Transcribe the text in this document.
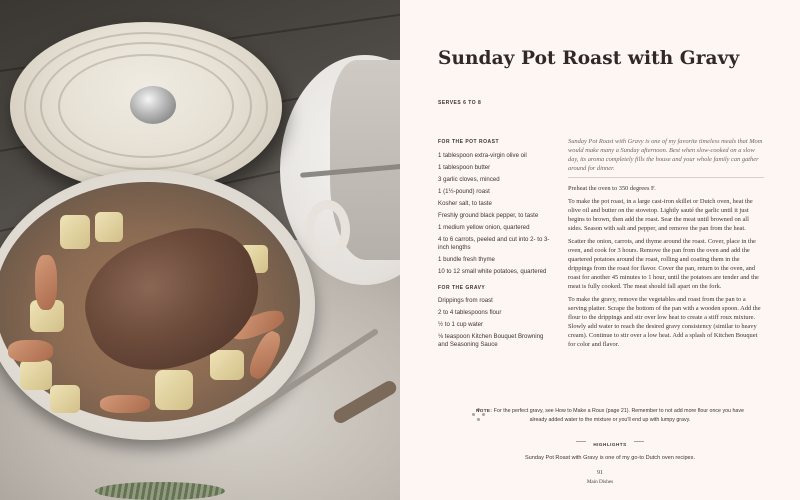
Sunday Pot Roast with Gravy
SERVES 6 TO 8
FOR THE POT ROAST
1 tablespoon extra-virgin olive oil
1 tablespoon butter
3 garlic cloves, minced
1 (1½-pound) roast
Kosher salt, to taste
Freshly ground black pepper, to taste
1 medium yellow onion, quartered
4 to 6 carrots, peeled and cut into 2- to 3-inch lengths
1 bundle fresh thyme
10 to 12 small white potatoes, quartered
FOR THE GRAVY
Drippings from roast
2 to 4 tablespoons flour
½ to 1 cup water
⅛ teaspoon Kitchen Bouquet Browning and Seasoning Sauce

Sunday Pot Roast with Gravy is one of my favorite timeless meals that Mom would make many a Sunday afternoon. Best when slow-cooked on a slow day, its aroma completely fills the house and your whole family can gather around for dinner.

Preheat the oven to 350 degrees F.

To make the pot roast, in a large cast-iron skillet or Dutch oven, heat the olive oil and butter on the stovetop. Lightly sauté the garlic until it just begins to brown, then add the roast. Sear the meat until browned on all sides. Season with salt and pepper, and remove the pan from the heat.

Scatter the onion, carrots, and thyme around the roast. Cover, place in the oven, and cook for 3 hours. Remove the pan from the oven and add the quartered potatoes around the roast, rolling and coating them in the drippings from the roast for flavor. Cover the pan, return to the oven, and roast for another 45 minutes to 1 hour, until the potatoes are tender and the meat is fully cooked. The meat should fall apart on the fork.

To make the gravy, remove the vegetables and roast from the pan to a serving platter. Scrape the bottom of the pan with a wooden spoon. Add the flour to the drippings and stir over low heat to create a stiff roux mixture. Slowly add water to reach the desired gravy consistency (similar to heavy cream). Continue to stir over a low heat. Add a splash of Kitchen Bouquet for color and flavor.

NOTE: For the perfect gravy, see How to Make a Roux (page 21). Remember to not add more flour once you have already added water to the mixture or you'll end up with lumpy gravy.
HIGHLIGHTS
Sunday Pot Roast with Gravy is one of my go-to Dutch oven recipes.
91
Main Dishes
